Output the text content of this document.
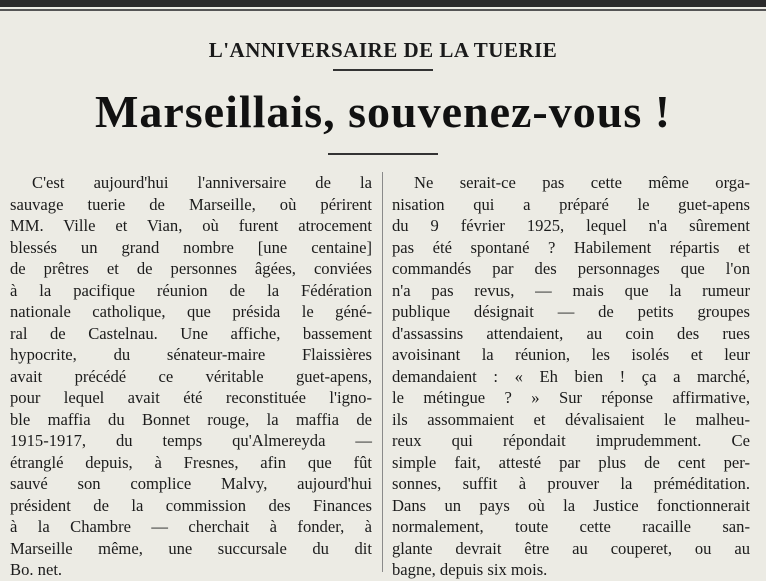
L'ANNIVERSAIRE DE LA TUERIE
Marseillais, souvenez-vous !
C'est aujourd'hui l'anniversaire de la
sauvage tuerie de Marseille, où périrent
MM. Ville et Vian, où furent atrocement
blessés un grand nombre [une centaine]
de prêtres et de personnes âgées, conviées
à la pacifique réunion de la Fédération
nationale catholique, que présida le géné-
ral de Castelnau. Une affiche, bassement
hypocrite, du sénateur-maire Flaissières
avait précédé ce véritable guet-apens,
pour lequel avait été reconstituée l'igno-
ble maffia du Bonnet rouge, la maffia de
1915-1917, du temps qu'Almereyda —
étranglé depuis, à Fresnes, afin que fût
sauvé son complice Malvy, aujourd'hui
président de la commission des Finances
à la Chambre — cherchait à fonder, à
Marseille même, une succursale du dit
Bo. net.
Ne serait-ce pas cette même orga-
nisation qui a préparé le guet-apens
du 9 février 1925, lequel n'a sûrement
pas été spontané ? Habilement répartis et
commandés par des personnages que l'on
n'a pas revus, — mais que la rumeur
publique désignait — de petits groupes
d'assassins attendaient, au coin des rues
avoisinant la réunion, les isolés et leur
demandaient : « Eh bien ! ça a marché,
le métingue ? » Sur réponse affirmative,
ils assommaient et dévalisaient le malheu-
reux qui répondait imprudemment. Ce
simple fait, attesté par plus de cent per-
sonnes, suffit à prouver la préméditation.
Dans un pays où la Justice fonctionnerait
normalement, toute cette racaille san-
glante devrait être au couperet, ou au
bagne, depuis six mois.
